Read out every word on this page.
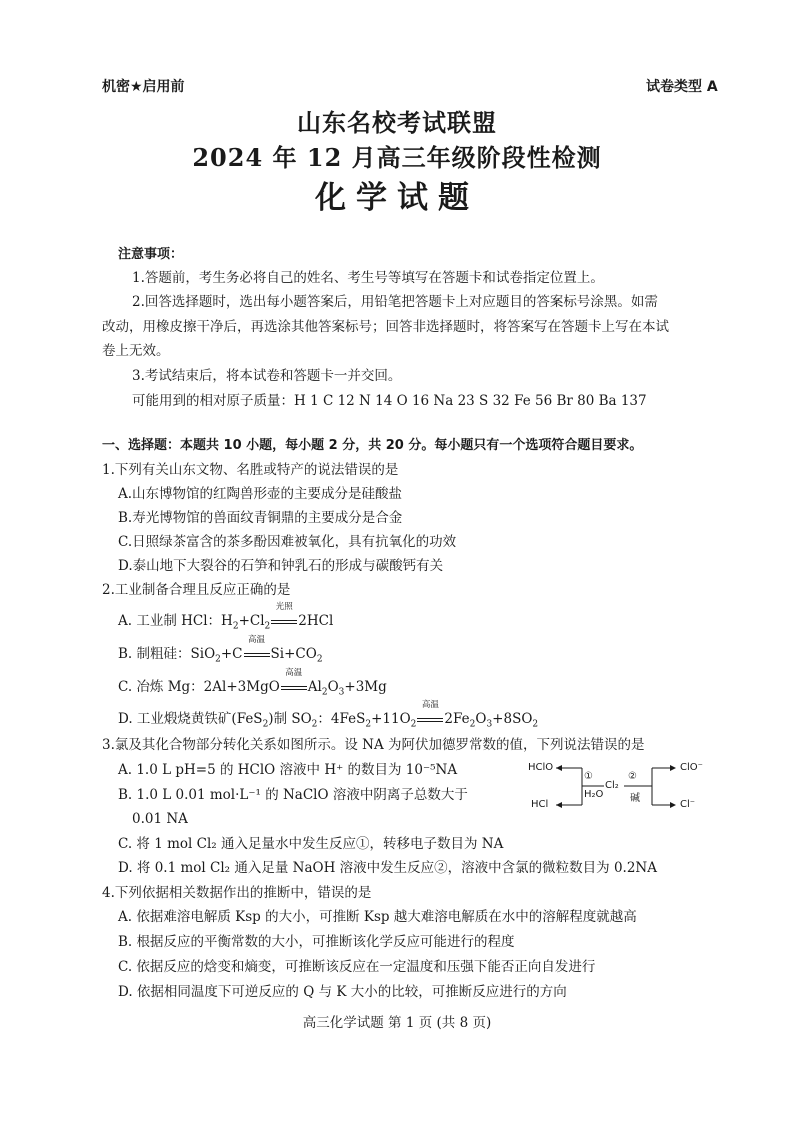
机密★启用前	试卷类型 A
山东名校考试联盟
2024 年 12 月高三年级阶段性检测
化学试题
注意事项：
1.答题前，考生务必将自己的姓名、考生号等填写在答题卡和试卷指定位置上。
2.回答选择题时，选出每小题答案后，用铅笔把答题卡上对应题目的答案标号涂黑。如需
改动，用橡皮擦干净后，再选涂其他答案标号；回答非选择题时，将答案写在答题卡上写在本试
卷上无效。
3.考试结束后，将本试卷和答题卡一并交回。
可能用到的相对原子质量：H 1 C 12 N 14 O 16 Na 23 S 32 Fe 56 Br 80 Ba 137
一、选择题：本题共 10 小题，每小题 2 分，共 20 分。每小题只有一个选项符合题目要求。
1.下列有关山东文物、名胜或特产的说法错误的是
A.山东博物馆的红陶兽形壶的主要成分是硅酸盐
B.寿光博物馆的兽面纹青铜鼎的主要成分是合金
C.日照绿茶富含的茶多酚因难被氧化，具有抗氧化的功效
D.泰山地下大裂谷的石笋和钟乳石的形成与碳酸钙有关
2.工业制备合理且反应正确的是
A. 工业制 HCl：$H_2+Cl_2$
光照
2HCl
B. 制粗硅：SiO$_2$+C
高温
$Si+CO_2$
C. 冶炼 Mg：2Al+3MgO
高温
$Al_2O_3+3Mg$
D. 工业煅烧黄铁矿(FeS$_2$)制 $SO_2$：$4FeS_2+11O_2$
高温
$2Fe_2O_3+8SO_2$
3.氯及其化合物部分转化关系如图所示。设 NA 为阿伏加德罗常数的值，下列说法错误的是
A. 1.0 L pH=5 的 HClO 溶液中 H⁺ 的数目为 10⁻⁵NA
B. 1.0 L 0.01 mol·L⁻¹ 的 NaClO 溶液中阴离子总数大于
0.01 NA
C. 将 1 mol Cl₂ 通入足量水中发生反应①，转移电子数目为 NA
D. 将 0.1 mol Cl₂ 通入足量 NaOH 溶液中发生反应②，溶液中含氯的微粒数目为 0.2NA
HClO
HCl
①
H₂O
Cl₂
②
碱
ClO⁻
Cl⁻
4.下列依据相关数据作出的推断中，错误的是
A. 依据难溶电解质 Ksp 的大小，可推断 Ksp 越大难溶电解质在水中的溶解程度就越高
B. 根据反应的平衡常数的大小，可推断该化学反应可能进行的程度
C. 依据反应的焓变和熵变，可推断该反应在一定温度和压强下能否正向自发进行
D. 依据相同温度下可逆反应的 Q 与 K 大小的比较，可推断反应进行的方向
高三化学试题 第 1 页 (共 8 页)
